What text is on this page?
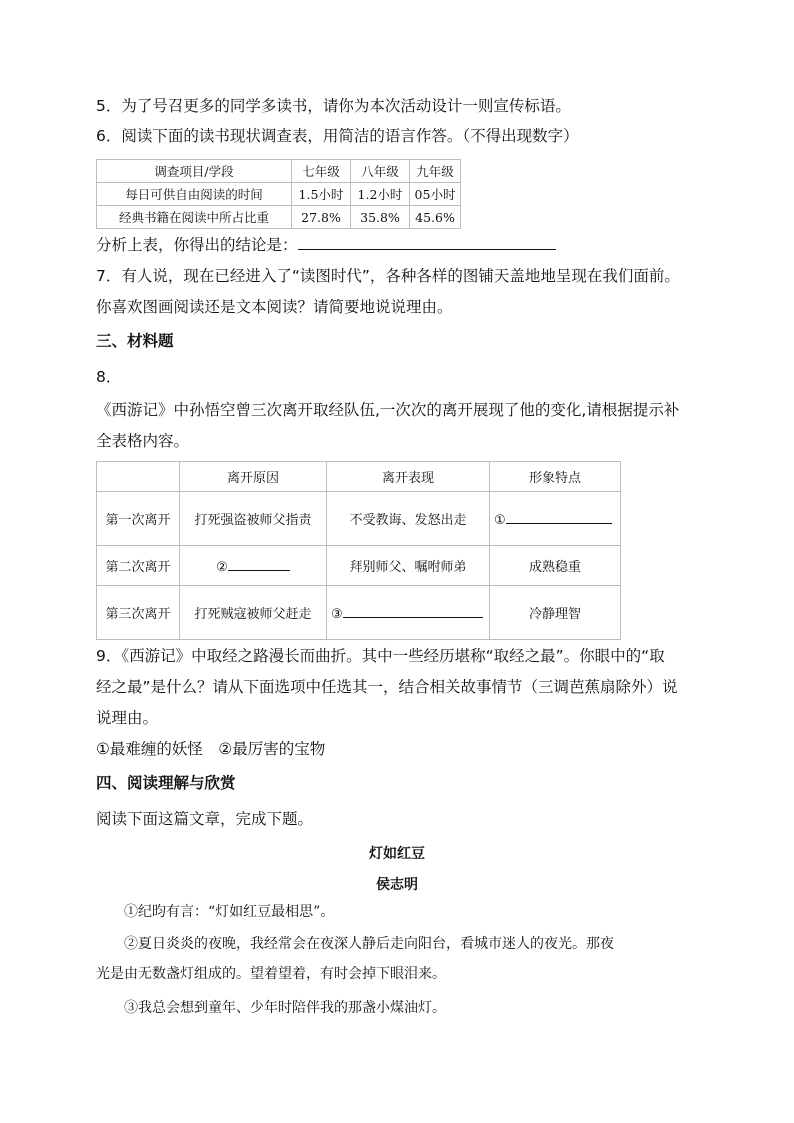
5．为了号召更多的同学多读书，请你为本次活动设计一则宣传标语。
6．阅读下面的读书现状调查表，用简洁的语言作答。（不得出现数字）
调查项目/学段	七年级	八年级	九年级
每日可供自由阅读的时间	1.5小时	1.2小时	05小时
经典书籍在阅读中所占比重	27.8%	35.8%	45.6%
分析上表，你得出的结论是：
7．有人说，现在已经进入了“读图时代”，各种各样的图铺天盖地地呈现在我们面前。
你喜欢图画阅读还是文本阅读？请简要地说说理由。
三、材料题
8．
《西游记》中孙悟空曾三次离开取经队伍,一次次的离开展现了他的变化,请根据提示补
全表格内容。
	离开原因	离开表现	形象特点
第一次离开	打死强盗被师父指责	不受教诲、发怒出走	①
第二次离开	②	拜别师父、嘱咐师弟	成熟稳重
第三次离开	打死贼寇被师父赶走	③	冷静理智
9．《西游记》中取经之路漫长而曲折。其中一些经历堪称“取经之最”。你眼中的“取
经之最”是什么？请从下面选项中任选其一，结合相关故事情节（三调芭蕉扇除外）说
说理由。
①最难缠的妖怪　②最厉害的宝物
四、阅读理解与欣赏
阅读下面这篇文章，完成下题。
灯如红豆
侯志明
①纪昀有言：“灯如红豆最相思”。
②夏日炎炎的夜晚，我经常会在夜深人静后走向阳台，看城市迷人的夜光。那夜
光是由无数盏灯组成的。望着望着，有时会掉下眼泪来。
③我总会想到童年、少年时陪伴我的那盏小煤油灯。
